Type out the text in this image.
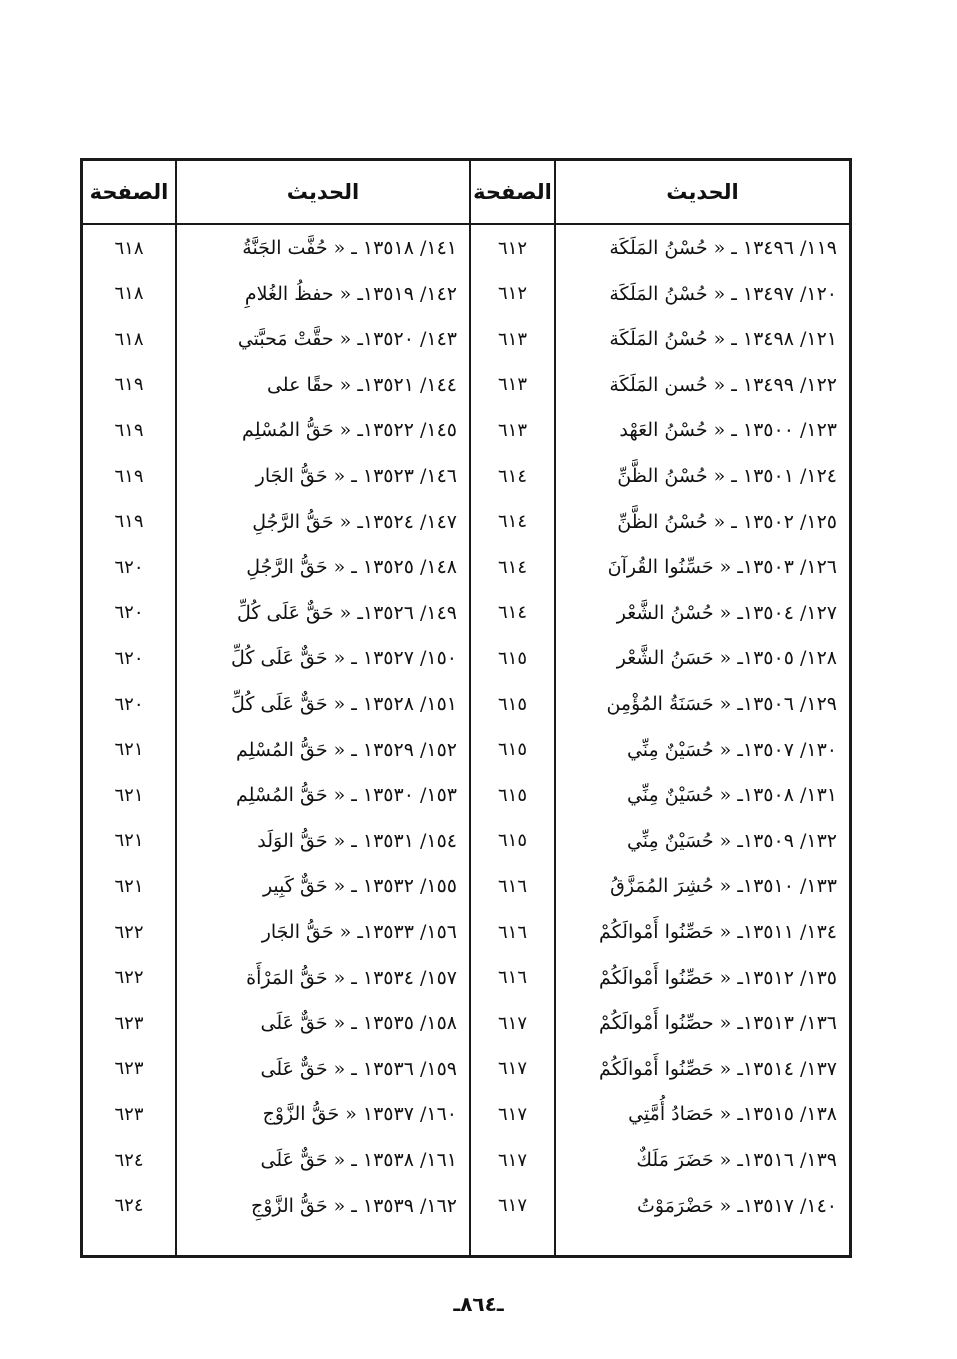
الحديث
١١٩/ ١٣٤٩٦ ـ « حُسْنُ المَلَكَة
١٢٠/ ١٣٤٩٧ ـ « حُسْنُ المَلَكَة
١٢١/ ١٣٤٩٨ ـ « حُسْنُ المَلَكَة
١٢٢/ ١٣٤٩٩ ـ « حُسن المَلَكَة
١٢٣/ ١٣٥٠٠ ـ « حُسْنُ العَهْد
١٢٤/ ١٣٥٠١ ـ « حُسْنُ الظَّنِّ
١٢٥/ ١٣٥٠٢ ـ « حُسْنُ الظَّنِّ
١٢٦/ ١٣٥٠٣ـ « حَسِّنُوا القُرآنَ
١٢٧/ ١٣٥٠٤ـ « حُسْنُ الشَّعْر
١٢٨/ ١٣٥٠٥ـ « حَسَنُ الشَّعْر
١٢٩/ ١٣٥٠٦ـ « حَسَنَةُ المُؤْمِن
١٣٠/ ١٣٥٠٧ـ « حُسَيْنٌ مِنِّي
١٣١/ ١٣٥٠٨ـ « حُسَيْنٌ مِنِّي
١٣٢/ ١٣٥٠٩ـ « حُسَيْنٌ مِنِّي
١٣٣/ ١٣٥١٠ـ « حُشِرَ المُمَزَّقُ
١٣٤/ ١٣٥١١ـ « حَصِّنُوا أَمْوالَكُمْ
١٣٥/ ١٣٥١٢ـ « حَصِّنُوا أَمْوالَكُمْ
١٣٦/ ١٣٥١٣ـ « حصِّنُوا أَمْوالَكُمْ
١٣٧/ ١٣٥١٤ـ « حَصِّنُوا أَمْوالَكُمْ
١٣٨/ ١٣٥١٥ـ « حَصَادُ أُمَّتِي
١٣٩/ ١٣٥١٦ـ « حَضَرَ مَلَكٌ
١٤٠/ ١٣٥١٧ـ « حَضْرَمَوْتُ
الصفحة
٦١٢
٦١٢
٦١٣
٦١٣
٦١٣
٦١٤
٦١٤
٦١٤
٦١٤
٦١٥
٦١٥
٦١٥
٦١٥
٦١٥
٦١٦
٦١٦
٦١٦
٦١٧
٦١٧
٦١٧
٦١٧
٦١٧
الحديث
١٤١/ ١٣٥١٨ ـ « حُفَّت الجَنَّةُ
١٤٢/ ١٣٥١٩ـ « حفظُ الغُلامِ
١٤٣/ ١٣٥٢٠ـ « حقَّتْ مَحبَّتي
١٤٤/ ١٣٥٢١ـ « حقًا على
١٤٥/ ١٣٥٢٢ـ « حَقُّ المُسْلِم
١٤٦/ ١٣٥٢٣ ـ « حَقُّ الجَار
١٤٧/ ١٣٥٢٤ـ « حَقُّ الرَّجُلِ
١٤٨/ ١٣٥٢٥ ـ « حَقُّ الرَّجُلِ
١٤٩/ ١٣٥٢٦ـ « حَقٌّ عَلَى كُلِّ
١٥٠/ ١٣٥٢٧ ـ « حَقٌّ عَلَى كُلِّ
١٥١/ ١٣٥٢٨ ـ « حَقٌّ عَلَى كُلِّ
١٥٢/ ١٣٥٢٩ ـ « حَقُّ المُسْلِم
١٥٣/ ١٣٥٣٠ ـ « حَقُّ المُسْلِم
١٥٤/ ١٣٥٣١ ـ « حَقُّ الوَلَد
١٥٥/ ١٣٥٣٢ ـ « حَقٌّ كَبِير
١٥٦/ ١٣٥٣٣ـ « حَقُّ الجَار
١٥٧/ ١٣٥٣٤ ـ « حَقُّ المَرْأَة
١٥٨/ ١٣٥٣٥ ـ « حَقٌّ عَلَى
١٥٩/ ١٣٥٣٦ ـ « حَقٌّ عَلَى
١٦٠/ ١٣٥٣٧ « حَقُّ الزَّوْج
١٦١/ ١٣٥٣٨ ـ « حَقٌّ عَلَى
١٦٢/ ١٣٥٣٩ ـ « حَقُّ الزَّوْجِ
الصفحة
٦١٨
٦١٨
٦١٨
٦١٩
٦١٩
٦١٩
٦١٩
٦٢٠
٦٢٠
٦٢٠
٦٢٠
٦٢١
٦٢١
٦٢١
٦٢١
٦٢٢
٦٢٢
٦٢٣
٦٢٣
٦٢٣
٦٢٤
٦٢٤
ـ٨٦٤ـ
